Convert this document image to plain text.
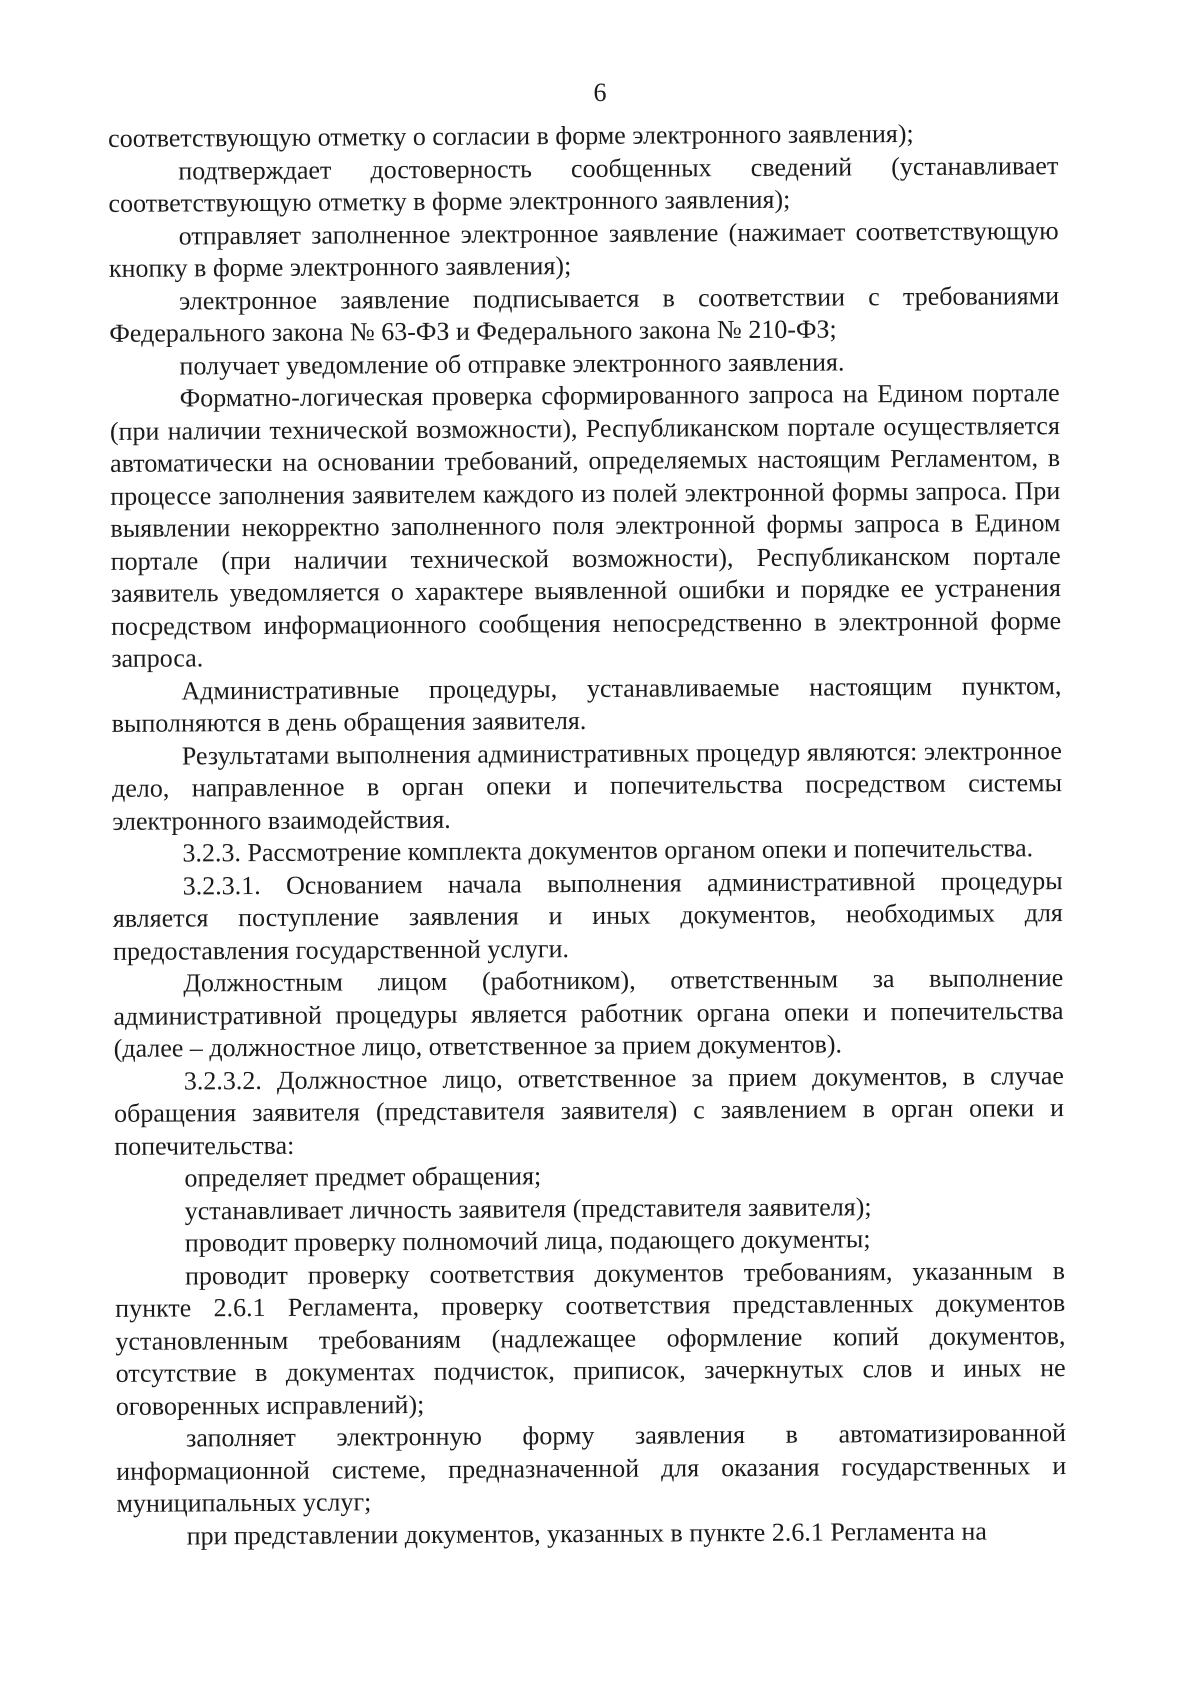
6

соответствующую отметку о согласии в форме электронного заявления);

подтверждает достоверность сообщенных сведений (устанавливает соответствующую отметку в форме электронного заявления);

отправляет заполненное электронное заявление (нажимает соответствующую кнопку в форме электронного заявления);

электронное заявление подписывается в соответствии с требованиями Федерального закона № 63-ФЗ и Федерального закона № 210-ФЗ;

получает уведомление об отправке электронного заявления.

Форматно-логическая проверка сформированного запроса на Едином портале (при наличии технической возможности), Республиканском портале осуществляется автоматически на основании требований, определяемых настоящим Регламентом, в процессе заполнения заявителем каждого из полей электронной формы запроса. При выявлении некорректно заполненного поля электронной формы запроса в Едином портале (при наличии технической возможности), Республиканском портале заявитель уведомляется о характере выявленной ошибки и порядке ее устранения посредством информационного сообщения непосредственно в электронной форме запроса.

Административные процедуры, устанавливаемые настоящим пунктом, выполняются в день обращения заявителя.

Результатами выполнения административных процедур являются: электронное дело, направленное в орган опеки и попечительства посредством системы электронного взаимодействия.

3.2.3. Рассмотрение комплекта документов органом опеки и попечительства.

3.2.3.1. Основанием начала выполнения административной процедуры является поступление заявления и иных документов, необходимых для предоставления государственной услуги.

Должностным лицом (работником), ответственным за выполнение административной процедуры является работник органа опеки и попечительства (далее – должностное лицо, ответственное за прием документов).

3.2.3.2. Должностное лицо, ответственное за прием документов, в случае обращения заявителя (представителя заявителя) с заявлением в орган опеки и попечительства:

определяет предмет обращения;

устанавливает личность заявителя (представителя заявителя);

проводит проверку полномочий лица, подающего документы;

проводит проверку соответствия документов требованиям, указанным в пункте 2.6.1 Регламента, проверку соответствия представленных документов установленным требованиям (надлежащее оформление копий документов, отсутствие в документах подчисток, приписок, зачеркнутых слов и иных не оговоренных исправлений);

заполняет электронную форму заявления в автоматизированной информационной системе, предназначенной для оказания государственных и муниципальных услуг;

при представлении документов, указанных в пункте 2.6.1 Регламента на
